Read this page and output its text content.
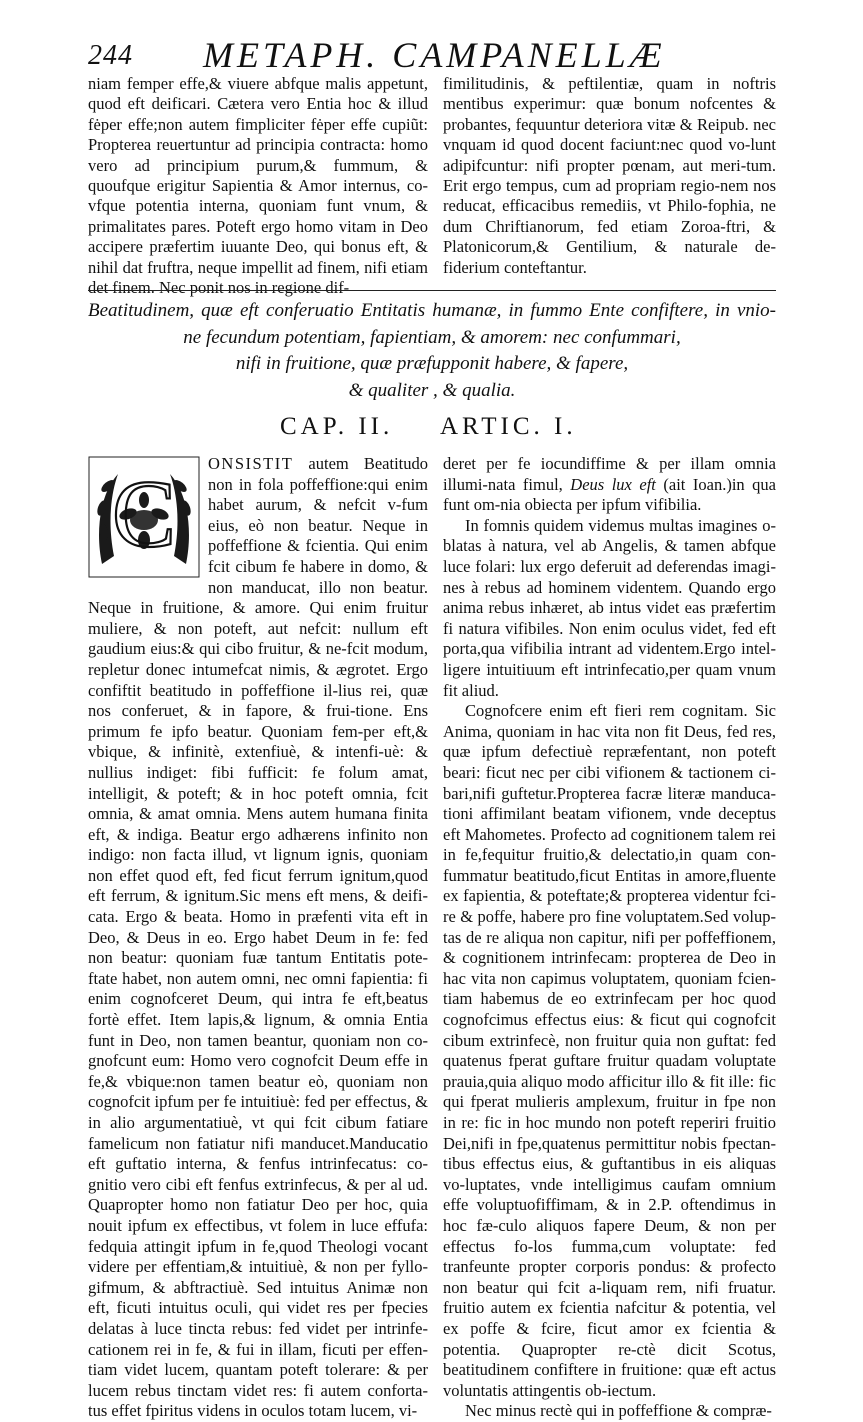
244 METAPH. CAMPANELLÆ

niam femper effe,& viuere abfque malis appetunt, quod eft deificari. Cætera vero Entia hoc & illud fėper effe;non autem fimpliciter fėper effe cupiũt: Propterea reuertuntur ad principia contracta: homo vero ad principium purum,& fummum, & quoufque erigitur Sapientia & Amor internus, co-vfque potentia interna, quoniam funt vnum, & primalitates pares. Poteft ergo homo vitam in Deo accipere præfertim iuuante Deo, qui bonus eft, & nihil dat fruftra, neque impellit ad finem, nifi etiam det finem. Nec ponit nos in regione dif-

fimilitudinis, & peftilentiæ, quam in noftris mentibus experimur: quæ bonum nofcentes & probantes, fequuntur deteriora vitæ & Reipub. nec vnquam id quod docent faciunt:nec quod vo-lunt adipifcuntur: nifi propter pœnam, aut meri-tum. Erit ergo tempus, cum ad propriam regio-nem nos reducat, efficacibus remediis, vt Philo-fophia, ne dum Chriftianorum, fed etiam Zoroa-ftri, & Platonicorum,& Gentilium, & naturale de-fiderium conteftantur.

Beatitudinem, quæ eft conferuatio Entitatis humanæ, in fummo Ente confiftere, in vnio-
ne fecundum potentiam, fapientiam, & amorem: nec confummari,
nifi in fruitione, quæ præfupponit habere, & fapere,
& qualiter , & qualia.
CAP. II. ARTIC. I.
C	ONSISTIT autem Beatitudo non in fola poffeffione:qui enim habet aurum, & nefcit v-fum eius, eò non beatur. Neque in poffeffione & fcientia. Qui enim fcit cibum fe habere in domo, & non manducat, illo non beatur. Neque in fruitione, & amore. Qui enim fruitur muliere, & non poteft, aut nefcit: nullum eft gaudium eius:& qui cibo fruitur, & ne-fcit modum, repletur donec intumefcat nimis, & ægrotet. Ergo confiftit beatitudo in poffeffione il-lius rei, quæ nos conferuet, & in fapore, & frui-tione. Ens primum fe ipfo beatur. Quoniam fem-per eft,& vbique, & infinitè, extenfiuè, & intenfi-uè: & nullius indiget: fibi fufficit: fe folum amat, intelligit, & poteft; & in hoc poteft omnia, fcit omnia, & amat omnia. Mens autem humana finita eft, & indiga. Beatur ergo adhærens infinito non indigo: non facta illud, vt lignum ignis, quoniam non effet quod eft, fed ficut ferrum ignitum,quod eft ferrum, & ignitum.Sic mens eft mens, & deifi-cata. Ergo & beata. Homo in præfenti vita eft in Deo, & Deus in eo. Ergo habet Deum in fe: fed non beatur: quoniam fuæ tantum Entitatis pote-ftate habet, non autem omni, nec omni fapientia: fi enim cognofceret Deum, qui intra fe eft,beatus fortè effet. Item lapis,& lignum, & omnia Entia funt in Deo, non tamen beantur, quoniam non co-gnofcunt eum: Homo vero cognofcit Deum effe in fe,& vbique:non tamen beatur eò, quoniam non cognofcit ipfum per fe intuitiuè: fed per effectus, & in alio argumentatiuè, vt qui fcit cibum fatiare famelicum non fatiatur nifi manducet.Manducatio eft guftatio interna, & fenfus intrinfecatus: co-gnitio vero cibi eft fenfus extrinfecus, & per al ud. Quapropter homo non fatiatur Deo per hoc, quia nouit ipfum ex effectibus, vt folem in luce effufa: fedquia attingit ipfum in fe,quod Theologi vocant videre per effentiam,& intuitiuè, & non per fyllo-gifmum, & abftractiuè. Sed intuitus Animæ non eft, ficuti intuitus oculi, qui videt res per fpecies delatas à luce tincta rebus: fed videt per intrinfe-cationem rei in fe, & fui in illam, ficuti per effen-tiam videt lucem, quantam poteft tolerare: & per lucem rebus tinctam videt res: fi autem conforta-tus effet fpiritus videns in oculos totam lucem, vi-

deret per fe iocundiffime & per illam omnia illumi-nata fimul, Deus lux eft (ait Ioan.)in qua funt om-nia obiecta per ipfum vifibilia.

In fomnis quidem videmus multas imagines o-blatas à natura, vel ab Angelis, & tamen abfque luce folari: lux ergo deferuit ad deferendas imagi-nes à rebus ad hominem videntem. Quando ergo anima rebus inhæret, ab intus videt eas præfertim fi natura vifibiles. Non enim oculus videt, fed eft porta,qua vifibilia intrant ad videntem.Ergo intel-ligere intuitiuum eft intrinfecatio,per quam vnum fit aliud.

Cognofcere enim eft fieri rem cognitam. Sic Anima, quoniam in hac vita non fit Deus, fed res, quæ ipfum defectiuè repræfentant, non poteft beari: ficut nec per cibi vifionem & tactionem ci-bari,nifi guftetur.Propterea facræ literæ manduca-tioni affimilant beatam vifionem, vnde deceptus eft Mahometes. Profecto ad cognitionem talem rei in fe,fequitur fruitio,& delectatio,in quam con-fummatur beatitudo,ficut Entitas in amore,fluente ex fapientia, & poteftate;& propterea videntur fci-re & poffe, habere pro fine voluptatem.Sed volup-tas de re aliqua non capitur, nifi per poffeffionem, & cognitionem intrinfecam: propterea de Deo in hac vita non capimus voluptatem, quoniam fcien-tiam habemus de eo extrinfecam per hoc quod cognofcimus effectus eius: & ficut qui cognofcit cibum extrinfecè, non fruitur quia non guftat: fed quatenus fperat guftare fruitur quadam voluptate prauia,quia aliquo modo afficitur illo & fit ille: fic qui fperat mulieris amplexum, fruitur in fpe non in re: fic in hoc mundo non poteft reperiri fruitio Dei,nifi in fpe,quatenus permittitur nobis fpectan-tibus effectus eius, & guftantibus in eis aliquas vo-luptates, vnde intelligimus caufam omnium effe voluptuofiffimam, & in 2.P. oftendimus in hoc fæ-culo aliquos fapere Deum, & non per effectus fo-los fumma,cum voluptate: fed tranfeunte propter corporis pondus: & profecto non beatur qui fcit a-liquam rem, nifi fruatur. fruitio autem ex fcientia nafcitur & potentia, vel ex poffe & fcire, ficut amor ex fcientia & potentia. Quapropter re-ctè dicit Scotus, beatitudinem confiftere in fruitione: quæ eft actus voluntatis attingentis ob-iectum.

Nec minus rectè qui in poffeffione & compræ-
